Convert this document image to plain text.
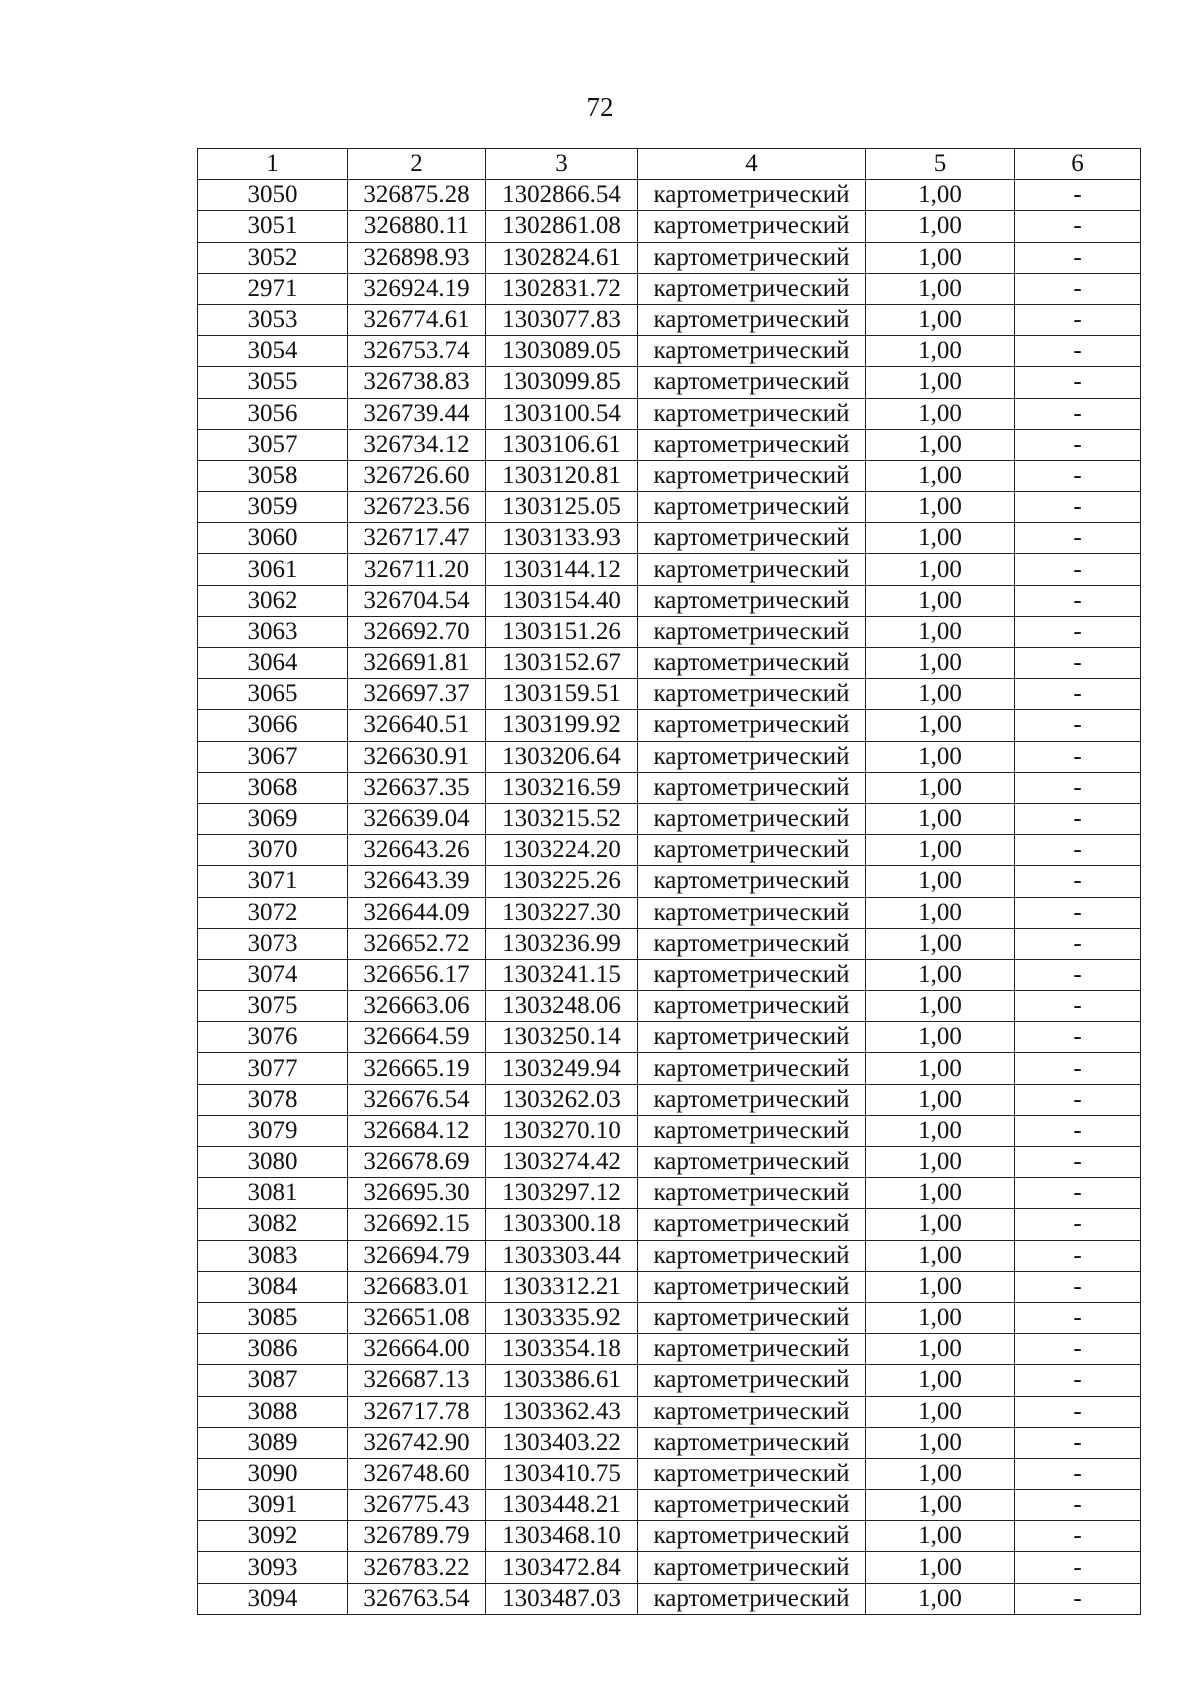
72
1	2	3	4	5	6
3050	326875.28	1302866.54	картометрический	1,00	-
3051	326880.11	1302861.08	картометрический	1,00	-
3052	326898.93	1302824.61	картометрический	1,00	-
2971	326924.19	1302831.72	картометрический	1,00	-
3053	326774.61	1303077.83	картометрический	1,00	-
3054	326753.74	1303089.05	картометрический	1,00	-
3055	326738.83	1303099.85	картометрический	1,00	-
3056	326739.44	1303100.54	картометрический	1,00	-
3057	326734.12	1303106.61	картометрический	1,00	-
3058	326726.60	1303120.81	картометрический	1,00	-
3059	326723.56	1303125.05	картометрический	1,00	-
3060	326717.47	1303133.93	картометрический	1,00	-
3061	326711.20	1303144.12	картометрический	1,00	-
3062	326704.54	1303154.40	картометрический	1,00	-
3063	326692.70	1303151.26	картометрический	1,00	-
3064	326691.81	1303152.67	картометрический	1,00	-
3065	326697.37	1303159.51	картометрический	1,00	-
3066	326640.51	1303199.92	картометрический	1,00	-
3067	326630.91	1303206.64	картометрический	1,00	-
3068	326637.35	1303216.59	картометрический	1,00	-
3069	326639.04	1303215.52	картометрический	1,00	-
3070	326643.26	1303224.20	картометрический	1,00	-
3071	326643.39	1303225.26	картометрический	1,00	-
3072	326644.09	1303227.30	картометрический	1,00	-
3073	326652.72	1303236.99	картометрический	1,00	-
3074	326656.17	1303241.15	картометрический	1,00	-
3075	326663.06	1303248.06	картометрический	1,00	-
3076	326664.59	1303250.14	картометрический	1,00	-
3077	326665.19	1303249.94	картометрический	1,00	-
3078	326676.54	1303262.03	картометрический	1,00	-
3079	326684.12	1303270.10	картометрический	1,00	-
3080	326678.69	1303274.42	картометрический	1,00	-
3081	326695.30	1303297.12	картометрический	1,00	-
3082	326692.15	1303300.18	картометрический	1,00	-
3083	326694.79	1303303.44	картометрический	1,00	-
3084	326683.01	1303312.21	картометрический	1,00	-
3085	326651.08	1303335.92	картометрический	1,00	-
3086	326664.00	1303354.18	картометрический	1,00	-
3087	326687.13	1303386.61	картометрический	1,00	-
3088	326717.78	1303362.43	картометрический	1,00	-
3089	326742.90	1303403.22	картометрический	1,00	-
3090	326748.60	1303410.75	картометрический	1,00	-
3091	326775.43	1303448.21	картометрический	1,00	-
3092	326789.79	1303468.10	картометрический	1,00	-
3093	326783.22	1303472.84	картометрический	1,00	-
3094	326763.54	1303487.03	картометрический	1,00	-
